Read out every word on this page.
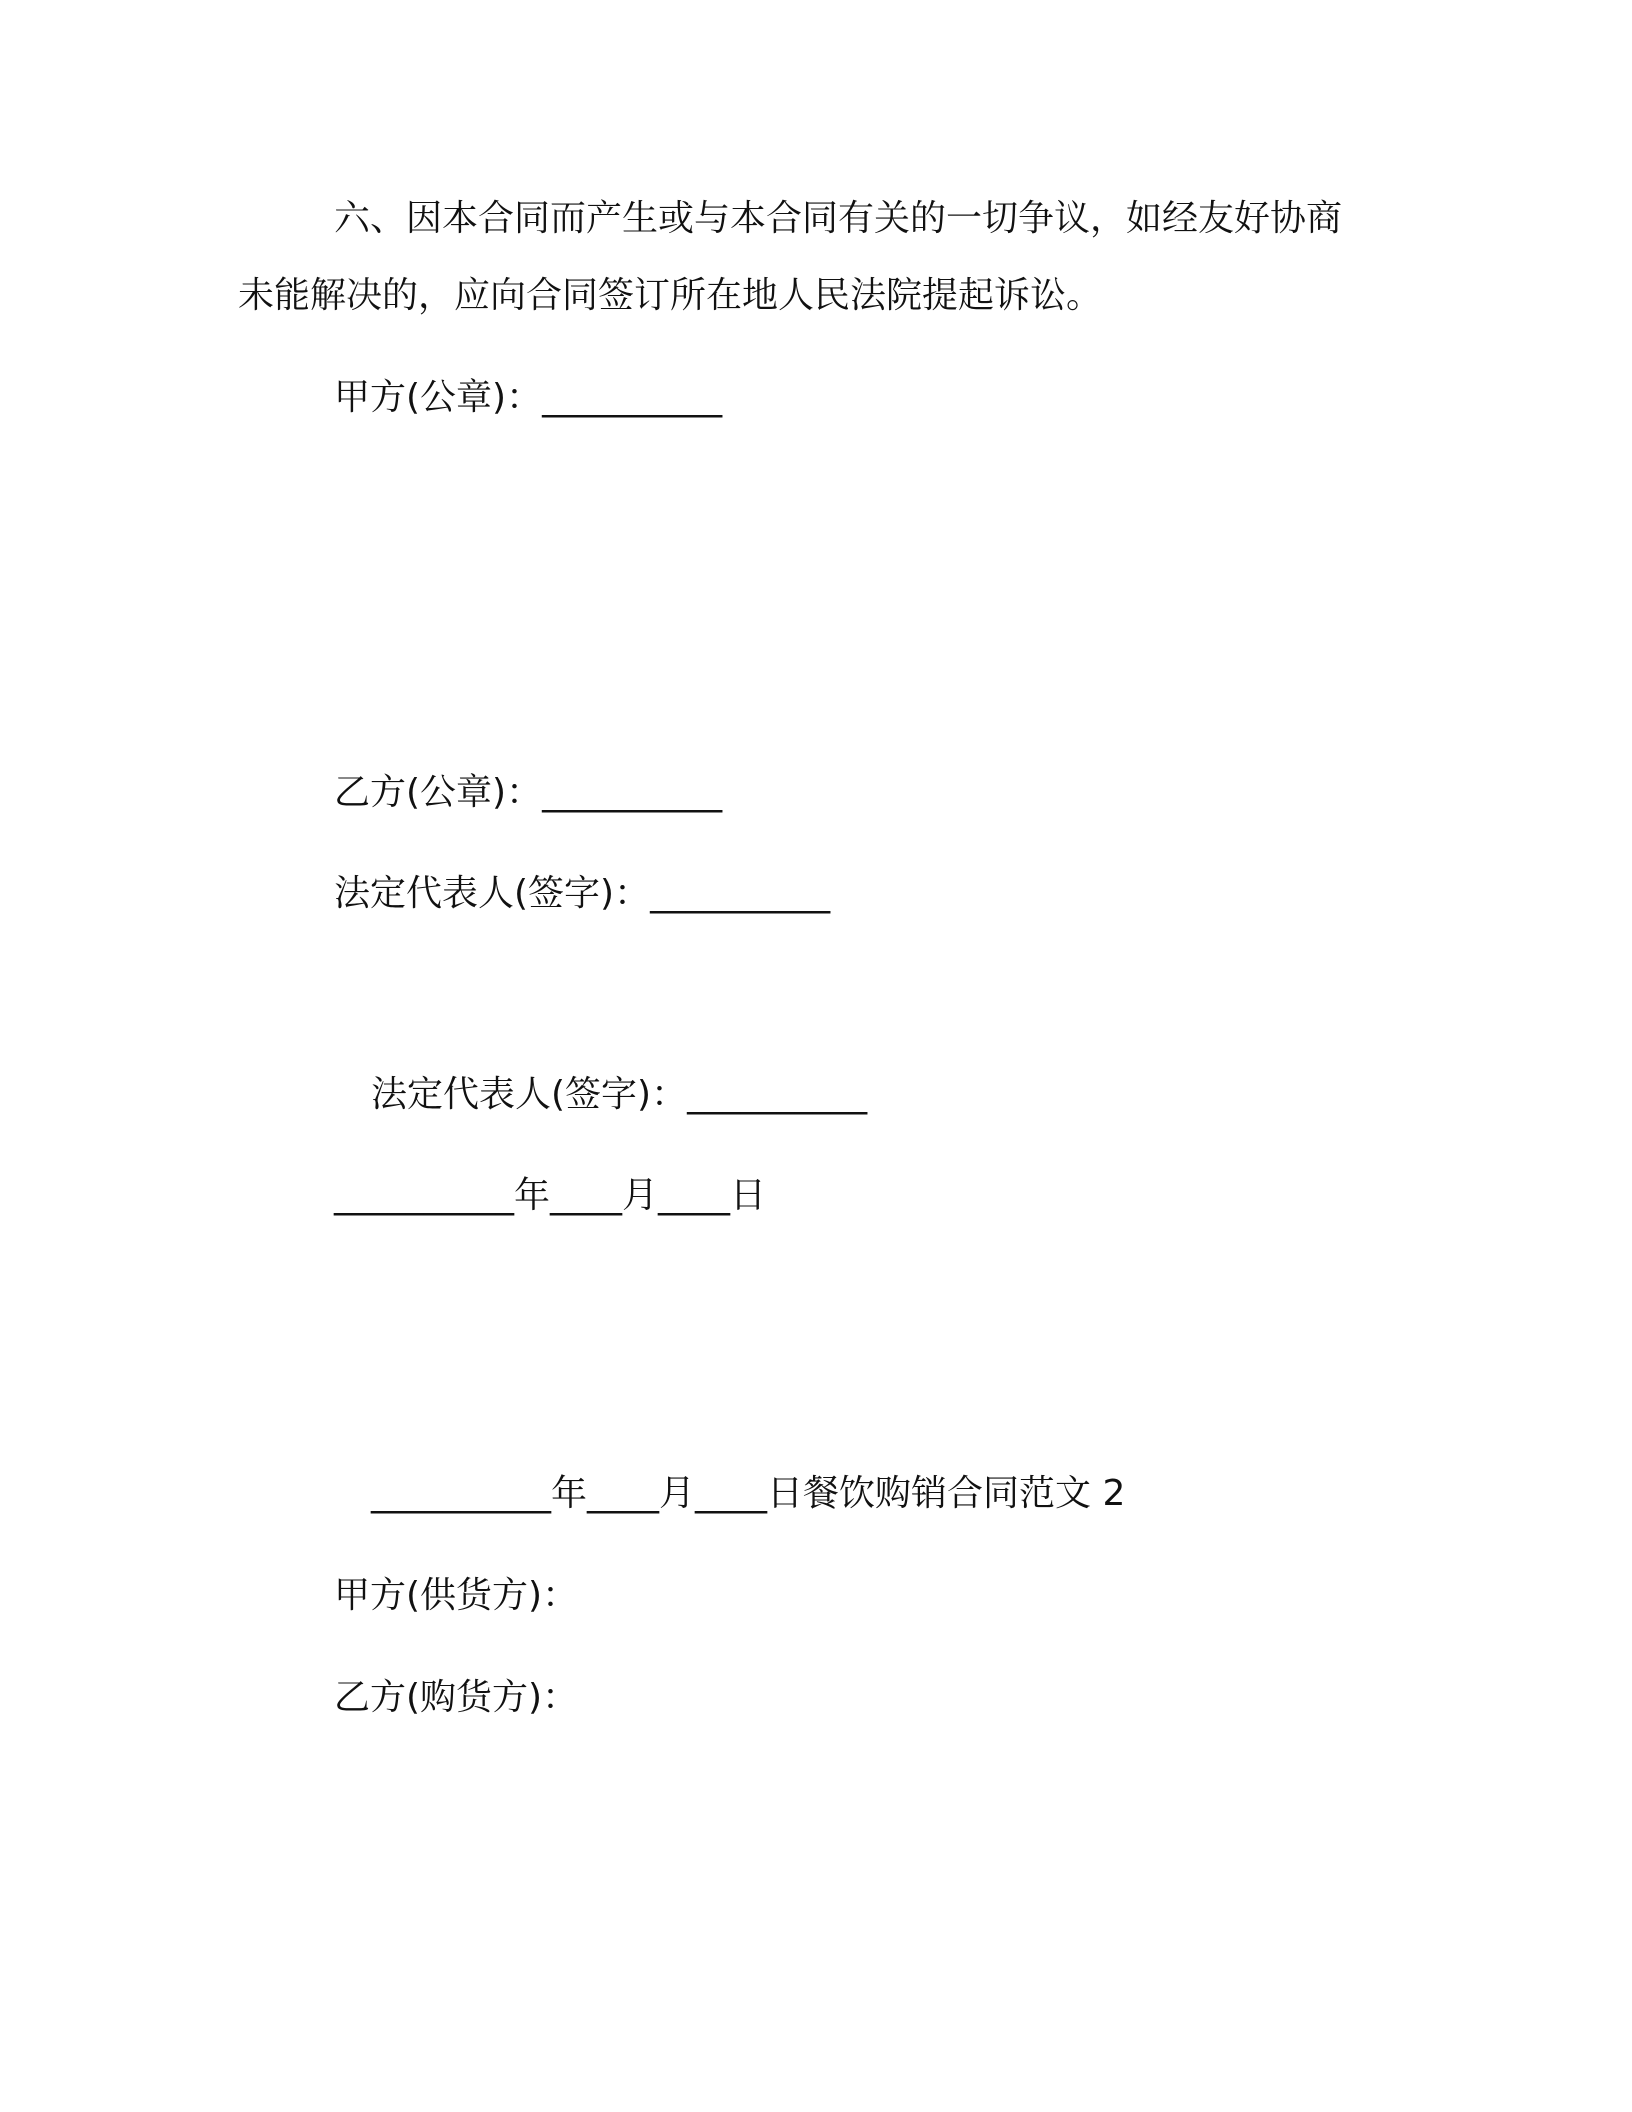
六、因本合同而产生或与本合同有关的一切争议，如经友好协商
未能解决的，应向合同签订所在地人民法院提起诉讼。
甲方(公章)：__________
乙方(公章)：__________
法定代表人(签字)：__________
法定代表人(签字)：__________
__________年____月____日
__________年____月____日餐饮购销合同范文 2
甲方(供货方)：
乙方(购货方)：
